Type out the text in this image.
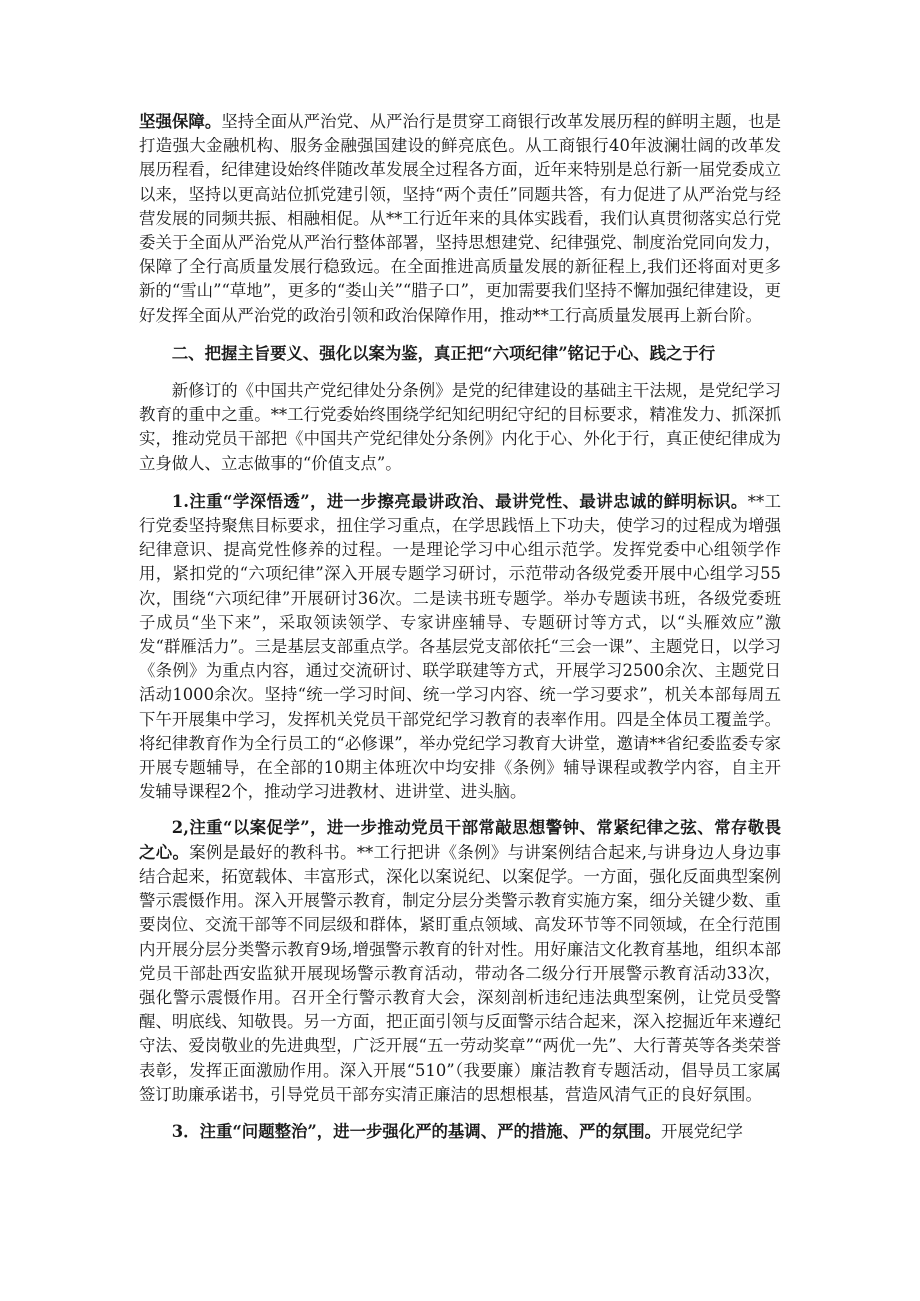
坚强保障。坚持全面从严治党、从严治行是贯穿工商银行改革发展历程的鲜明主题，也是打造强大金融机构、服务金融强国建设的鲜亮底色。从工商银行40年波澜壮阔的改革发展历程看，纪律建设始终伴随改革发展全过程各方面，近年来特别是总行新一届党委成立以来，坚持以更高站位抓党建引领，坚持“两个责任”同题共答，有力促进了从严治党与经营发展的同频共振、相融相促。从**工行近年来的具体实践看，我们认真贯彻落实总行党委关于全面从严治党从严治行整体部署，坚持思想建党、纪律强党、制度治党同向发力，保障了全行高质量发展行稳致远。在全面推进高质量发展的新征程上,我们还将面对更多新的“雪山”“草地”，更多的“娄山关”“腊子口”，更加需要我们坚持不懈加强纪律建设，更好发挥全面从严治党的政治引领和政治保障作用，推动**工行高质量发展再上新台阶。

二、把握主旨要义、强化以案为鉴，真正把“六项纪律”铭记于心、践之于行

新修订的《中国共产党纪律处分条例》是党的纪律建设的基础主干法规，是党纪学习教育的重中之重。**工行党委始终围绕学纪知纪明纪守纪的目标要求，精准发力、抓深抓实，推动党员干部把《中国共产党纪律处分条例》内化于心、外化于行，真正使纪律成为立身做人、立志做事的“价值支点”。

1.注重“学深悟透”，进一步擦亮最讲政治、最讲党性、最讲忠诚的鲜明标识。**工行党委坚持聚焦目标要求，扭住学习重点，在学思践悟上下功夫，使学习的过程成为增强纪律意识、提高党性修养的过程。一是理论学习中心组示范学。发挥党委中心组领学作用，紧扣党的“六项纪律”深入开展专题学习研讨，示范带动各级党委开展中心组学习55次，围绕“六项纪律”开展研讨36次。二是读书班专题学。举办专题读书班，各级党委班子成员“坐下来”，采取领读领学、专家讲座辅导、专题研讨等方式，以“头雁效应”激发“群雁活力”。三是基层支部重点学。各基层党支部依托“三会一课”、主题党日，以学习《条例》为重点内容，通过交流研讨、联学联建等方式，开展学习2500余次、主题党日活动1000余次。坚持“统一学习时间、统一学习内容、统一学习要求”，机关本部每周五下午开展集中学习，发挥机关党员干部党纪学习教育的表率作用。四是全体员工覆盖学。将纪律教育作为全行员工的“必修课”，举办党纪学习教育大讲堂，邀请**省纪委监委专家开展专题辅导，在全部的10期主体班次中均安排《条例》辅导课程或教学内容，自主开发辅导课程2个，推动学习进教材、进讲堂、进头脑。

2,注重“以案促学”，进一步推动党员干部常敲思想警钟、常紧纪律之弦、常存敬畏之心。案例是最好的教科书。**工行把讲《条例》与讲案例结合起来,与讲身边人身边事结合起来，拓宽载体、丰富形式，深化以案说纪、以案促学。一方面，强化反面典型案例警示震慑作用。深入开展警示教育，制定分层分类警示教育实施方案，细分关键少数、重要岗位、交流干部等不同层级和群体，紧盯重点领域、高发环节等不同领域，在全行范围内开展分层分类警示教育9场,增强警示教育的针对性。用好廉洁文化教育基地，组织本部党员干部赴西安监狱开展现场警示教育活动，带动各二级分行开展警示教育活动33次，强化警示震慑作用。召开全行警示教育大会，深刻剖析违纪违法典型案例，让党员受警醒、明底线、知敬畏。另一方面，把正面引领与反面警示结合起来，深入挖掘近年来遵纪守法、爱岗敬业的先进典型，广泛开展“五一劳动奖章”“两优一先”、大行菁英等各类荣誉表彰，发挥正面激励作用。深入开展“510”（我要廉）廉洁教育专题活动，倡导员工家属签订助廉承诺书，引导党员干部夯实清正廉洁的思想根基，营造风清气正的良好氛围。

3．注重“问题整治”，进一步强化严的基调、严的措施、严的氛围。开展党纪学
